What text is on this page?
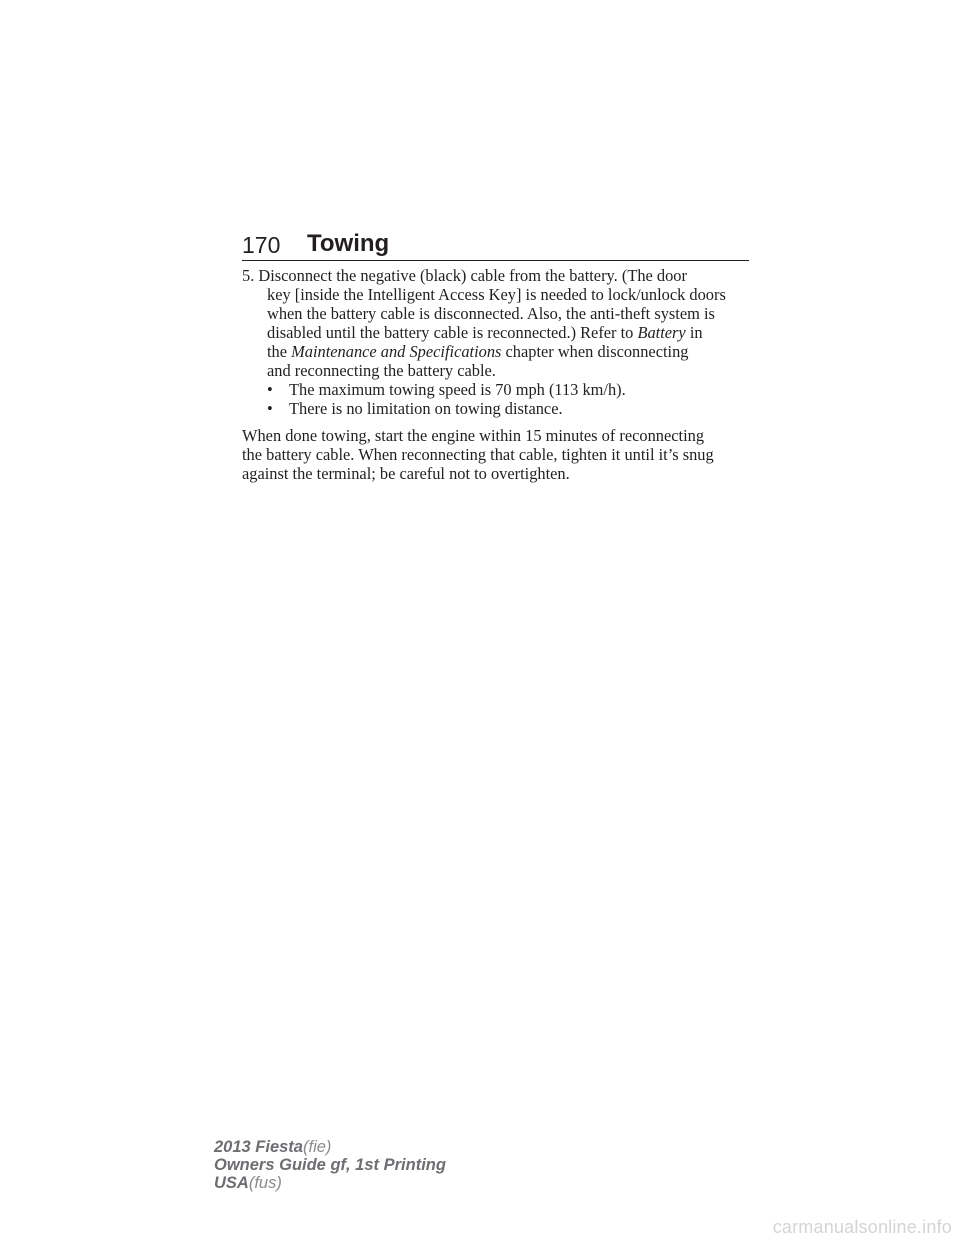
170 Towing
5. Disconnect the negative (black) cable from the battery. (The door
key [inside the Intelligent Access Key] is needed to lock/unlock doors
when the battery cable is disconnected. Also, the anti-theft system is
disabled until the battery cable is reconnected.) Refer to Battery in
the Maintenance and Specifications chapter when disconnecting
and reconnecting the battery cable.
• The maximum towing speed is 70 mph (113 km/h).
• There is no limitation on towing distance.
When done towing, start the engine within 15 minutes of reconnecting
the battery cable. When reconnecting that cable, tighten it until it’s snug
against the terminal; be careful not to overtighten.
2013 Fiesta(fie)
Owners Guide gf, 1st Printing
USA(fus)
carmanualsonline.info
